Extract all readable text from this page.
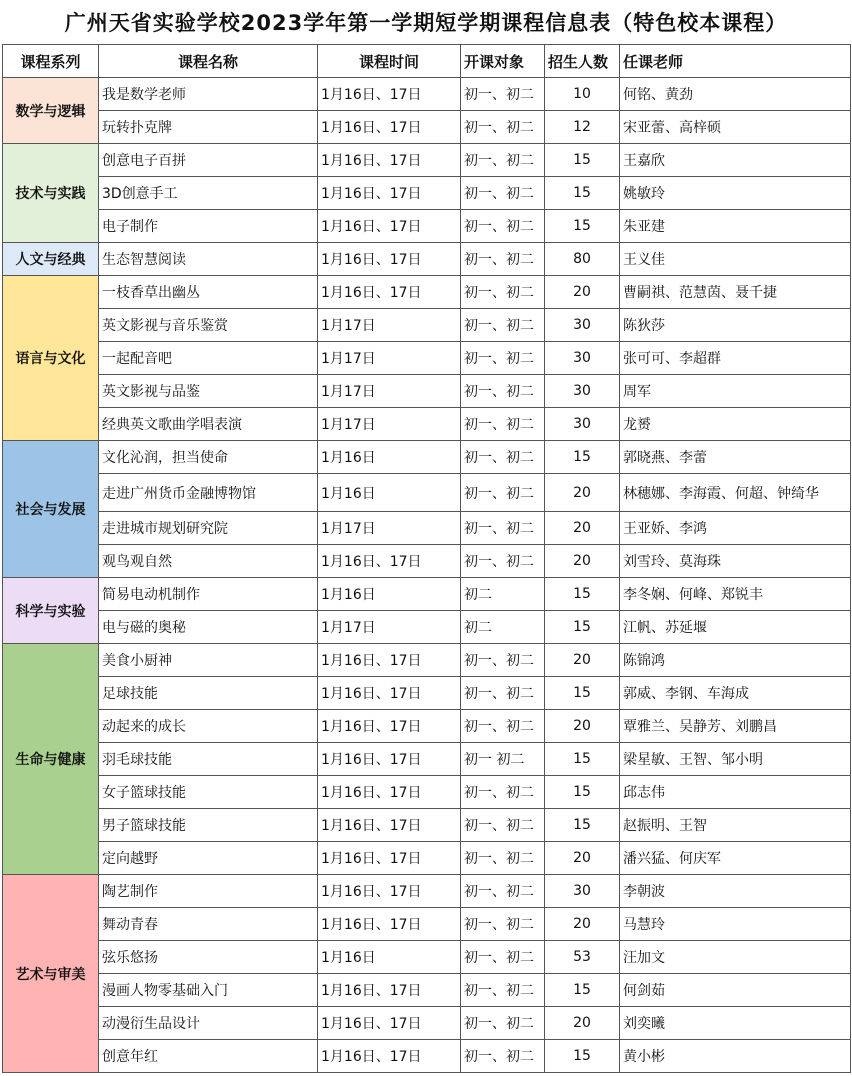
广州天省实验学校2023学年第一学期短学期课程信息表（特色校本课程）
课程系列	课程名称	课程时间	开课对象	招生人数	任课老师
数学与逻辑	我是数学老师	1月16日、17日	初一、初二	10	何铭、黄劲
	玩转扑克牌	1月16日、17日	初一、初二	12	宋亚蕾、高梓硕
技术与实践	创意电子百拼	1月16日、17日	初一、初二	15	王嘉欣
	3D创意手工	1月16日、17日	初一、初二	15	姚敏玲
	电子制作	1月16日、17日	初一、初二	15	朱亚建
人文与经典	生态智慧阅读	1月16日、17日	初一、初二	80	王义佳
语言与文化	一枝香草出幽丛	1月16日、17日	初一、初二	20	曹嗣祺、范慧茵、聂千捷
	英文影视与音乐鉴赏	1月17日	初一、初二	30	陈狄莎
	一起配音吧	1月17日	初一、初二	30	张可可、李超群
	英文影视与品鉴	1月17日	初一、初二	30	周军
	经典英文歌曲学唱表演	1月17日	初一、初二	30	龙赟
社会与发展	文化沁润，担当使命	1月16日	初一、初二	15	郭晓燕、李蕾
	走进广州货币金融博物馆	1月16日	初一、初二	20	林穗娜、李海霞、何超、钟绮华
	走进城市规划研究院	1月17日	初一、初二	20	王亚娇、李鸿
	观鸟观自然	1月16日、17日	初一、初二	20	刘雪玲、莫海珠
科学与实验	简易电动机制作	1月16日	初二	15	李冬娴、何峰、郑锐丰
	电与磁的奥秘	1月17日	初二	15	江帆、苏延堰
生命与健康	美食小厨神	1月16日、17日	初一、初二	20	陈锦鸿
	足球技能	1月16日、17日	初一、初二	15	郭威、李钢、车海成
	动起来的成长	1月16日、17日	初一、初二	20	覃雅兰、吴静芳、刘鹏昌
	羽毛球技能	1月16日、17日	初一 初二	15	梁星敏、王智、邹小明
	女子篮球技能	1月16日、17日	初一、初二	15	邱志伟
	男子篮球技能	1月16日、17日	初一、初二	15	赵振明、王智
	定向越野	1月16日、17日	初一、初二	20	潘兴猛、何庆军
艺术与审美	陶艺制作	1月16日、17日	初一、初二	30	李朝波
	舞动青春	1月16日、17日	初一、初二	20	马慧玲
	弦乐悠扬	1月16日	初一、初二	53	汪加文
	漫画人物零基础入门	1月16日、17日	初一、初二	15	何剑茹
	动漫衍生品设计	1月16日、17日	初一、初二	20	刘奕曦
	创意年红	1月16日、17日	初一、初二	15	黄小彬
